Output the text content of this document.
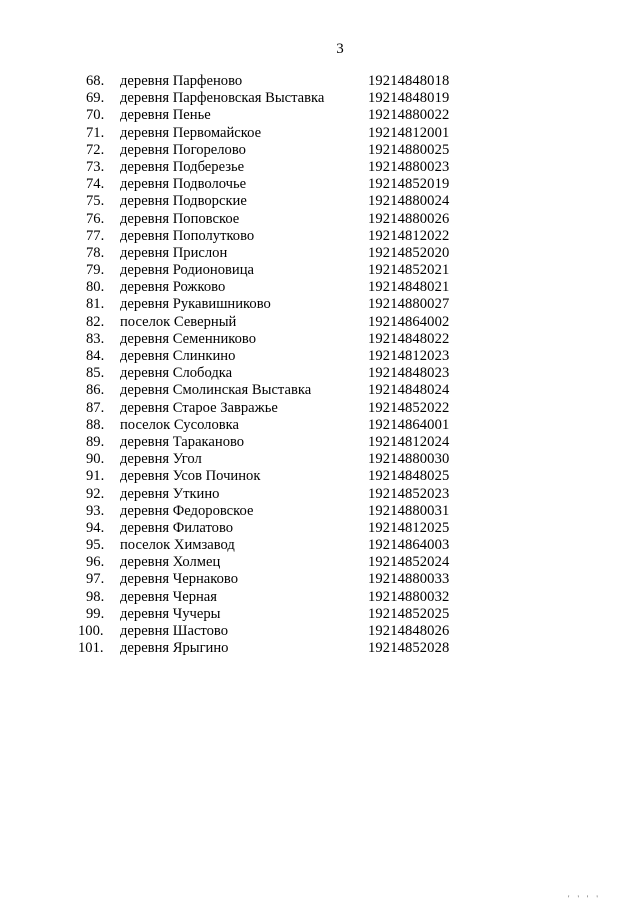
3
68.	деревня Парфеново	19214848018
69.	деревня Парфеновская Выставка	19214848019
70.	деревня Пенье	19214880022
71.	деревня Первомайское	19214812001
72.	деревня Погорелово	19214880025
73.	деревня Подберезье	19214880023
74.	деревня Подволочье	19214852019
75.	деревня Подворские	19214880024
76.	деревня Поповское	19214880026
77.	деревня Пополутково	19214812022
78.	деревня Прислон	19214852020
79.	деревня Родионовица	19214852021
80.	деревня Рожково	19214848021
81.	деревня Рукавишниково	19214880027
82.	поселок Северный	19214864002
83.	деревня Семенниково	19214848022
84.	деревня Слинкино	19214812023
85.	деревня Слободка	19214848023
86.	деревня Смолинская Выставка	19214848024
87.	деревня Старое Завражье	19214852022
88.	поселок Сусоловка	19214864001
89.	деревня Тараканово	19214812024
90.	деревня Угол	19214880030
91.	деревня Усов Починок	19214848025
92.	деревня Уткино	19214852023
93.	деревня Федоровское	19214880031
94.	деревня Филатово	19214812025
95.	поселок Химзавод	19214864003
96.	деревня Холмец	19214852024
97.	деревня Чернаково	19214880033
98.	деревня Черная	19214880032
99.	деревня Чучеры	19214852025
100.	деревня Шастово	19214848026
101.	деревня Ярыгино	19214852028
' ' ' '
